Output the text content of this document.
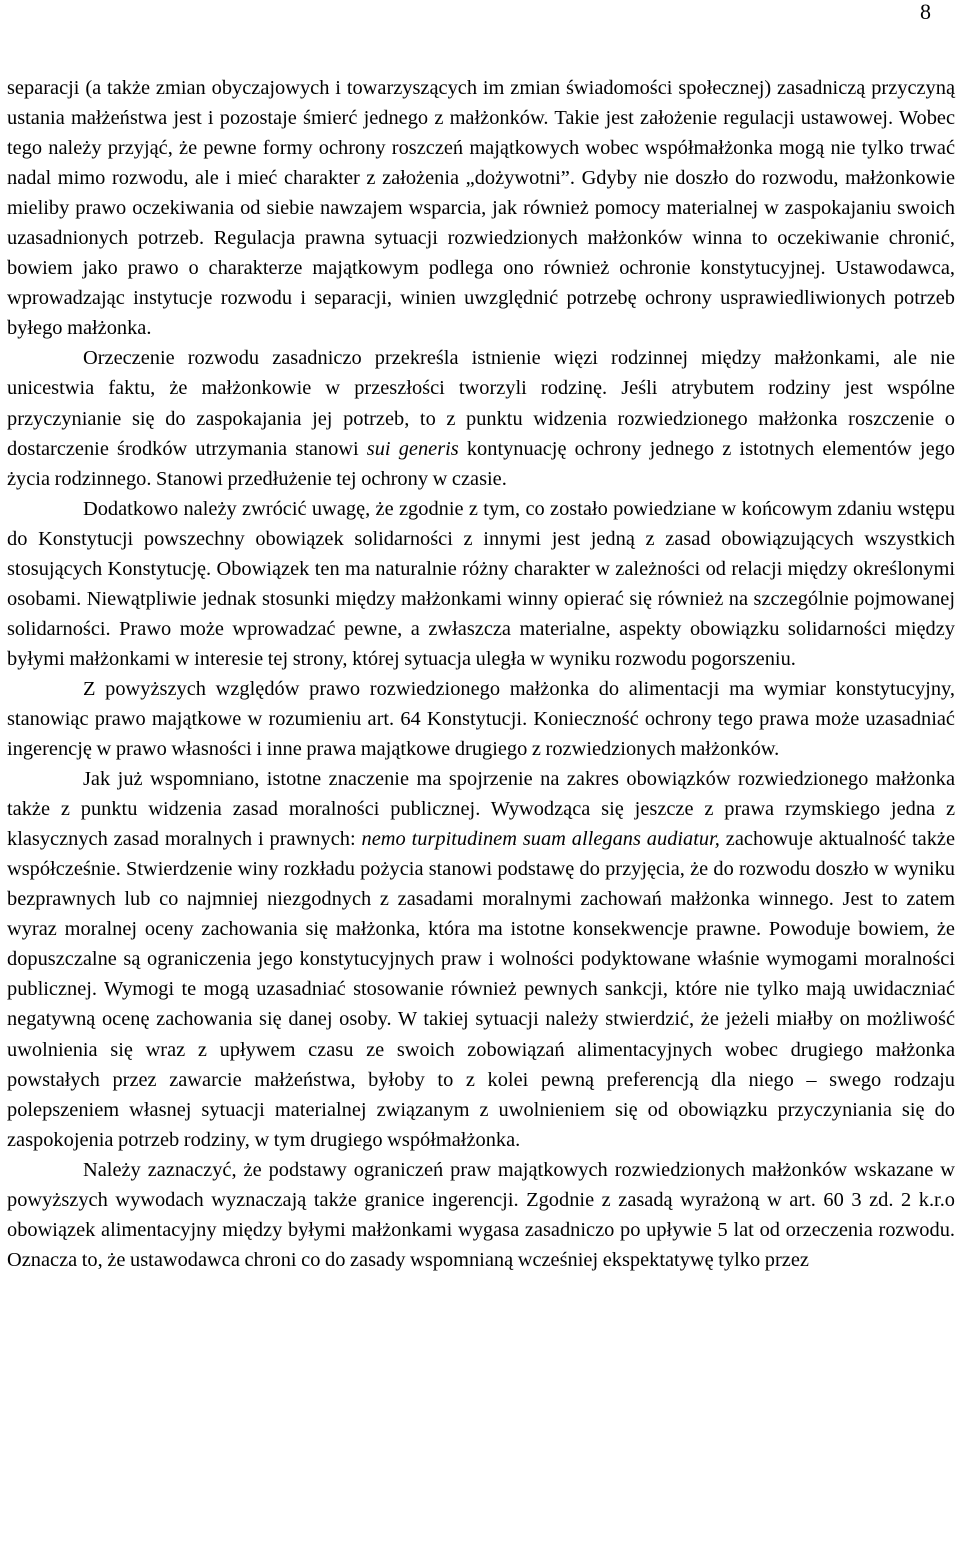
8

separacji (a także zmian obyczajowych i towarzyszących im zmian świadomości społecznej) zasadniczą przyczyną ustania małżeństwa jest i pozostaje śmierć jednego z małżonków. Takie jest założenie regulacji ustawowej. Wobec tego należy przyjąć, że pewne formy ochrony roszczeń majątkowych wobec współmałżonka mogą nie tylko trwać nadal mimo rozwodu, ale i mieć charakter z założenia „dożywotni”. Gdyby nie doszło do rozwodu, małżonkowie mieliby prawo oczekiwania od siebie nawzajem wsparcia, jak również pomocy materialnej w zaspokajaniu swoich uzasadnionych potrzeb. Regulacja prawna sytuacji rozwiedzionych małżonków winna to oczekiwanie chronić, bowiem jako prawo o charakterze majątkowym podlega ono również ochronie konstytucyjnej. Ustawodawca, wprowadzając instytucje rozwodu i separacji, winien uwzględnić potrzebę ochrony usprawiedliwionych potrzeb byłego małżonka.

Orzeczenie rozwodu zasadniczo przekreśla istnienie więzi rodzinnej między małżonkami, ale nie unicestwia faktu, że małżonkowie w przeszłości tworzyli rodzinę. Jeśli atrybutem rodziny jest wspólne przyczynianie się do zaspokajania jej potrzeb, to z punktu widzenia rozwiedzionego małżonka roszczenie o dostarczenie środków utrzymania stanowi sui generis kontynuację ochrony jednego z istotnych elementów jego życia rodzinnego. Stanowi przedłużenie tej ochrony w czasie.

Dodatkowo należy zwrócić uwagę, że zgodnie z tym, co zostało powiedziane w końcowym zdaniu wstępu do Konstytucji powszechny obowiązek solidarności z innymi jest jedną z zasad obowiązujących wszystkich stosujących Konstytucję. Obowiązek ten ma naturalnie różny charakter w zależności od relacji między określonymi osobami. Niewątpliwie jednak stosunki między małżonkami winny opierać się również na szczególnie pojmowanej solidarności. Prawo może wprowadzać pewne, a zwłaszcza materialne, aspekty obowiązku solidarności między byłymi małżonkami w interesie tej strony, której sytuacja uległa w wyniku rozwodu pogorszeniu.

Z powyższych względów prawo rozwiedzionego małżonka do alimentacji ma wymiar konstytucyjny, stanowiąc prawo majątkowe w rozumieniu art. 64 Konstytucji. Konieczność ochrony tego prawa może uzasadniać ingerencję w prawo własności i inne prawa majątkowe drugiego z rozwiedzionych małżonków.

Jak już wspomniano, istotne znaczenie ma spojrzenie na zakres obowiązków rozwiedzionego małżonka także z punktu widzenia zasad moralności publicznej. Wywodząca się jeszcze z prawa rzymskiego jedna z klasycznych zasad moralnych i prawnych: nemo turpitudinem suam allegans audiatur, zachowuje aktualność także współcześnie. Stwierdzenie winy rozkładu pożycia stanowi podstawę do przyjęcia, że do rozwodu doszło w wyniku bezprawnych lub co najmniej niezgodnych z zasadami moralnymi zachowań małżonka winnego. Jest to zatem wyraz moralnej oceny zachowania się małżonka, która ma istotne konsekwencje prawne. Powoduje bowiem, że dopuszczalne są ograniczenia jego konstytucyjnych praw i wolności podyktowane właśnie wymogami moralności publicznej. Wymogi te mogą uzasadniać stosowanie również pewnych sankcji, które nie tylko mają uwidaczniać negatywną ocenę zachowania się danej osoby. W takiej sytuacji należy stwierdzić, że jeżeli miałby on możliwość uwolnienia się wraz z upływem czasu ze swoich zobowiązań alimentacyjnych wobec drugiego małżonka powstałych przez zawarcie małżeństwa, byłoby to z kolei pewną preferencją dla niego – swego rodzaju polepszeniem własnej sytuacji materialnej związanym z uwolnieniem się od obowiązku przyczyniania się do zaspokojenia potrzeb rodziny, w tym drugiego współmałżonka.

Należy zaznaczyć, że podstawy ograniczeń praw majątkowych rozwiedzionych małżonków wskazane w powyższych wywodach wyznaczają także granice ingerencji. Zgodnie z zasadą wyrażoną w art. 60 3 zd. 2 k.r.o obowiązek alimentacyjny między byłymi małżonkami wygasa zasadniczo po upływie 5 lat od orzeczenia rozwodu. Oznacza to, że ustawodawca chroni co do zasady wspomnianą wcześniej ekspektatywę tylko przez
